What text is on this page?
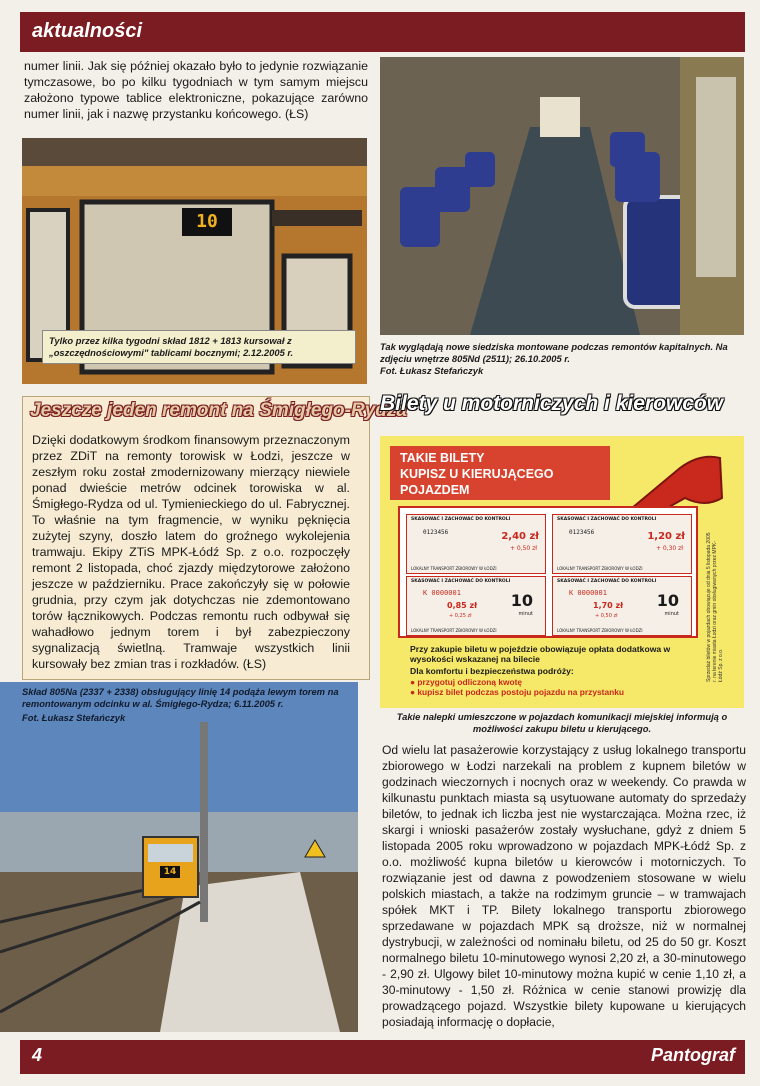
aktualności
numer linii. Jak się później okazało było to jedynie rozwiązanie tymczasowe, bo po kilku tygodniach w tym samym miejscu założono typowe tablice elektroniczne, pokazujące zarówno numer linii, jak i nazwę przystanku końcowego. (ŁS)
10
Tylko przez kilka tygodni skład 1812 + 1813 kursował z „oszczędnościowymi" tablicami bocznymi; 2.12.2005 r.
Tak wyglądają nowe siedziska montowane podczas remontów kapitalnych. Na zdjęciu wnętrze 805Nd (2511); 26.10.2005 r.
Fot. Łukasz Stefańczyk
Jeszcze jeden remont na Śmigłego-Rydza
Dzięki dodatkowym środkom finansowym przeznaczonym przez ZDiT na remonty torowisk w Łodzi, jeszcze w zeszłym roku został zmodernizowany mierzący niewiele ponad dwieście metrów odcinek torowiska w al. Śmigłego-Rydza od ul. Tymienieckiego do ul. Fabrycznej. To właśnie na tym fragmencie, w wyniku pęknięcia zużytej szyny, doszło latem do groźnego wykolejenia tramwaju. Ekipy ZTiS MPK-Łódź Sp. z o.o. rozpoczęły remont 2 listopada, choć zjazdy międzytorowe założono jeszcze w październiku. Prace zakończyły się w połowie grudnia, przy czym jak dotychczas nie zdemontowano torów łącznikowych. Podczas remontu ruch odbywał się wahadłowo jednym torem i był zabezpieczony sygnalizacją świetlną. Tramwaje wszystkich linii kursowały bez zmian tras i rozkładów. (ŁS)
14
Skład 805Na (2337 + 2338) obsługujący linię 14 podąża lewym torem na remontowanym odcinku w al. Śmigłego-Rydza; 6.11.2005 r.
Fot. Łukasz Stefańczyk
Bilety u motorniczych i kierowców
TAKIE BILETY
KUPISZ U KIERUJĄCEGO
POJAZDEM
Sprzedaż biletów w pojazdach obowiązuje od dnia 5 listopada 2005 r. na terenie miasta Łodzi oraz gmin obsługiwanych przez MPK-Łódź Sp. z o.o.
SKASOWAĆ I ZACHOWAĆ DO KONTROLI
0123456	2,40 zł
+ 0,50 zł
LOKALNY TRANSPORT ZBIOROWY W ŁODZI
SKASOWAĆ I ZACHOWAĆ DO KONTROLI
0123456	1,20 zł
+ 0,30 zł
LOKALNY TRANSPORT ZBIOROWY W ŁODZI
SKASOWAĆ I ZACHOWAĆ DO KONTROLI
K 0000001
0,85 zł
+ 0,25 zł
10
minut
LOKALNY TRANSPORT ZBIOROWY W ŁODZI
SKASOWAĆ I ZACHOWAĆ DO KONTROLI
K 0000001
1,70 zł
+ 0,50 zł
10
minut
LOKALNY TRANSPORT ZBIOROWY W ŁODZI
Przy zakupie biletu w pojeździe obowiązuje opłata dodatkowa w wysokości wskazanej na bilecie
Dla komfortu i bezpieczeństwa podróży:
● przygotuj odliczoną kwotę
● kupisz bilet podczas postoju pojazdu na przystanku
Takie nalepki umieszczone w pojazdach komunikacji miejskiej informują o możliwości zakupu biletu u kierującego.
Od wielu lat pasażerowie korzystający z usług lokalnego transportu zbiorowego w Łodzi narzekali na problem z kupnem biletów w godzinach wieczornych i nocnych oraz w weekendy. Co prawda w kilkunastu punktach miasta są usytuowane automaty do sprzedaży biletów, to jednak ich liczba jest nie wystarczająca. Można rzec, iż skargi i wnioski pasażerów zostały wysłuchane, gdyż z dniem 5 listopada 2005 roku wprowadzono w pojazdach MPK-Łódź Sp. z o.o. możliwość kupna biletów u kierowców i motorniczych. To rozwiązanie jest od dawna z powodzeniem stosowane w wielu polskich miastach, a także na rodzimym gruncie – w tramwajach spółek MKT i TP. Bilety lokalnego transportu zbiorowego sprzedawane w pojazdach MPK są droższe, niż w normalnej dystrybucji, w zależności od nominału biletu, od 25 do 50 gr. Koszt normalnego biletu 10-minutowego wynosi 2,20 zł, a 30-minutowego - 2,90 zł. Ulgowy bilet 10-minutowy można kupić w cenie 1,10 zł, a 30-minutowy - 1,50 zł. Różnica w cenie stanowi prowizję dla prowadzącego pojazd. Wszystkie bilety kupowane u kierujących posiadają informację o dopłacie,
4	Pantograf
